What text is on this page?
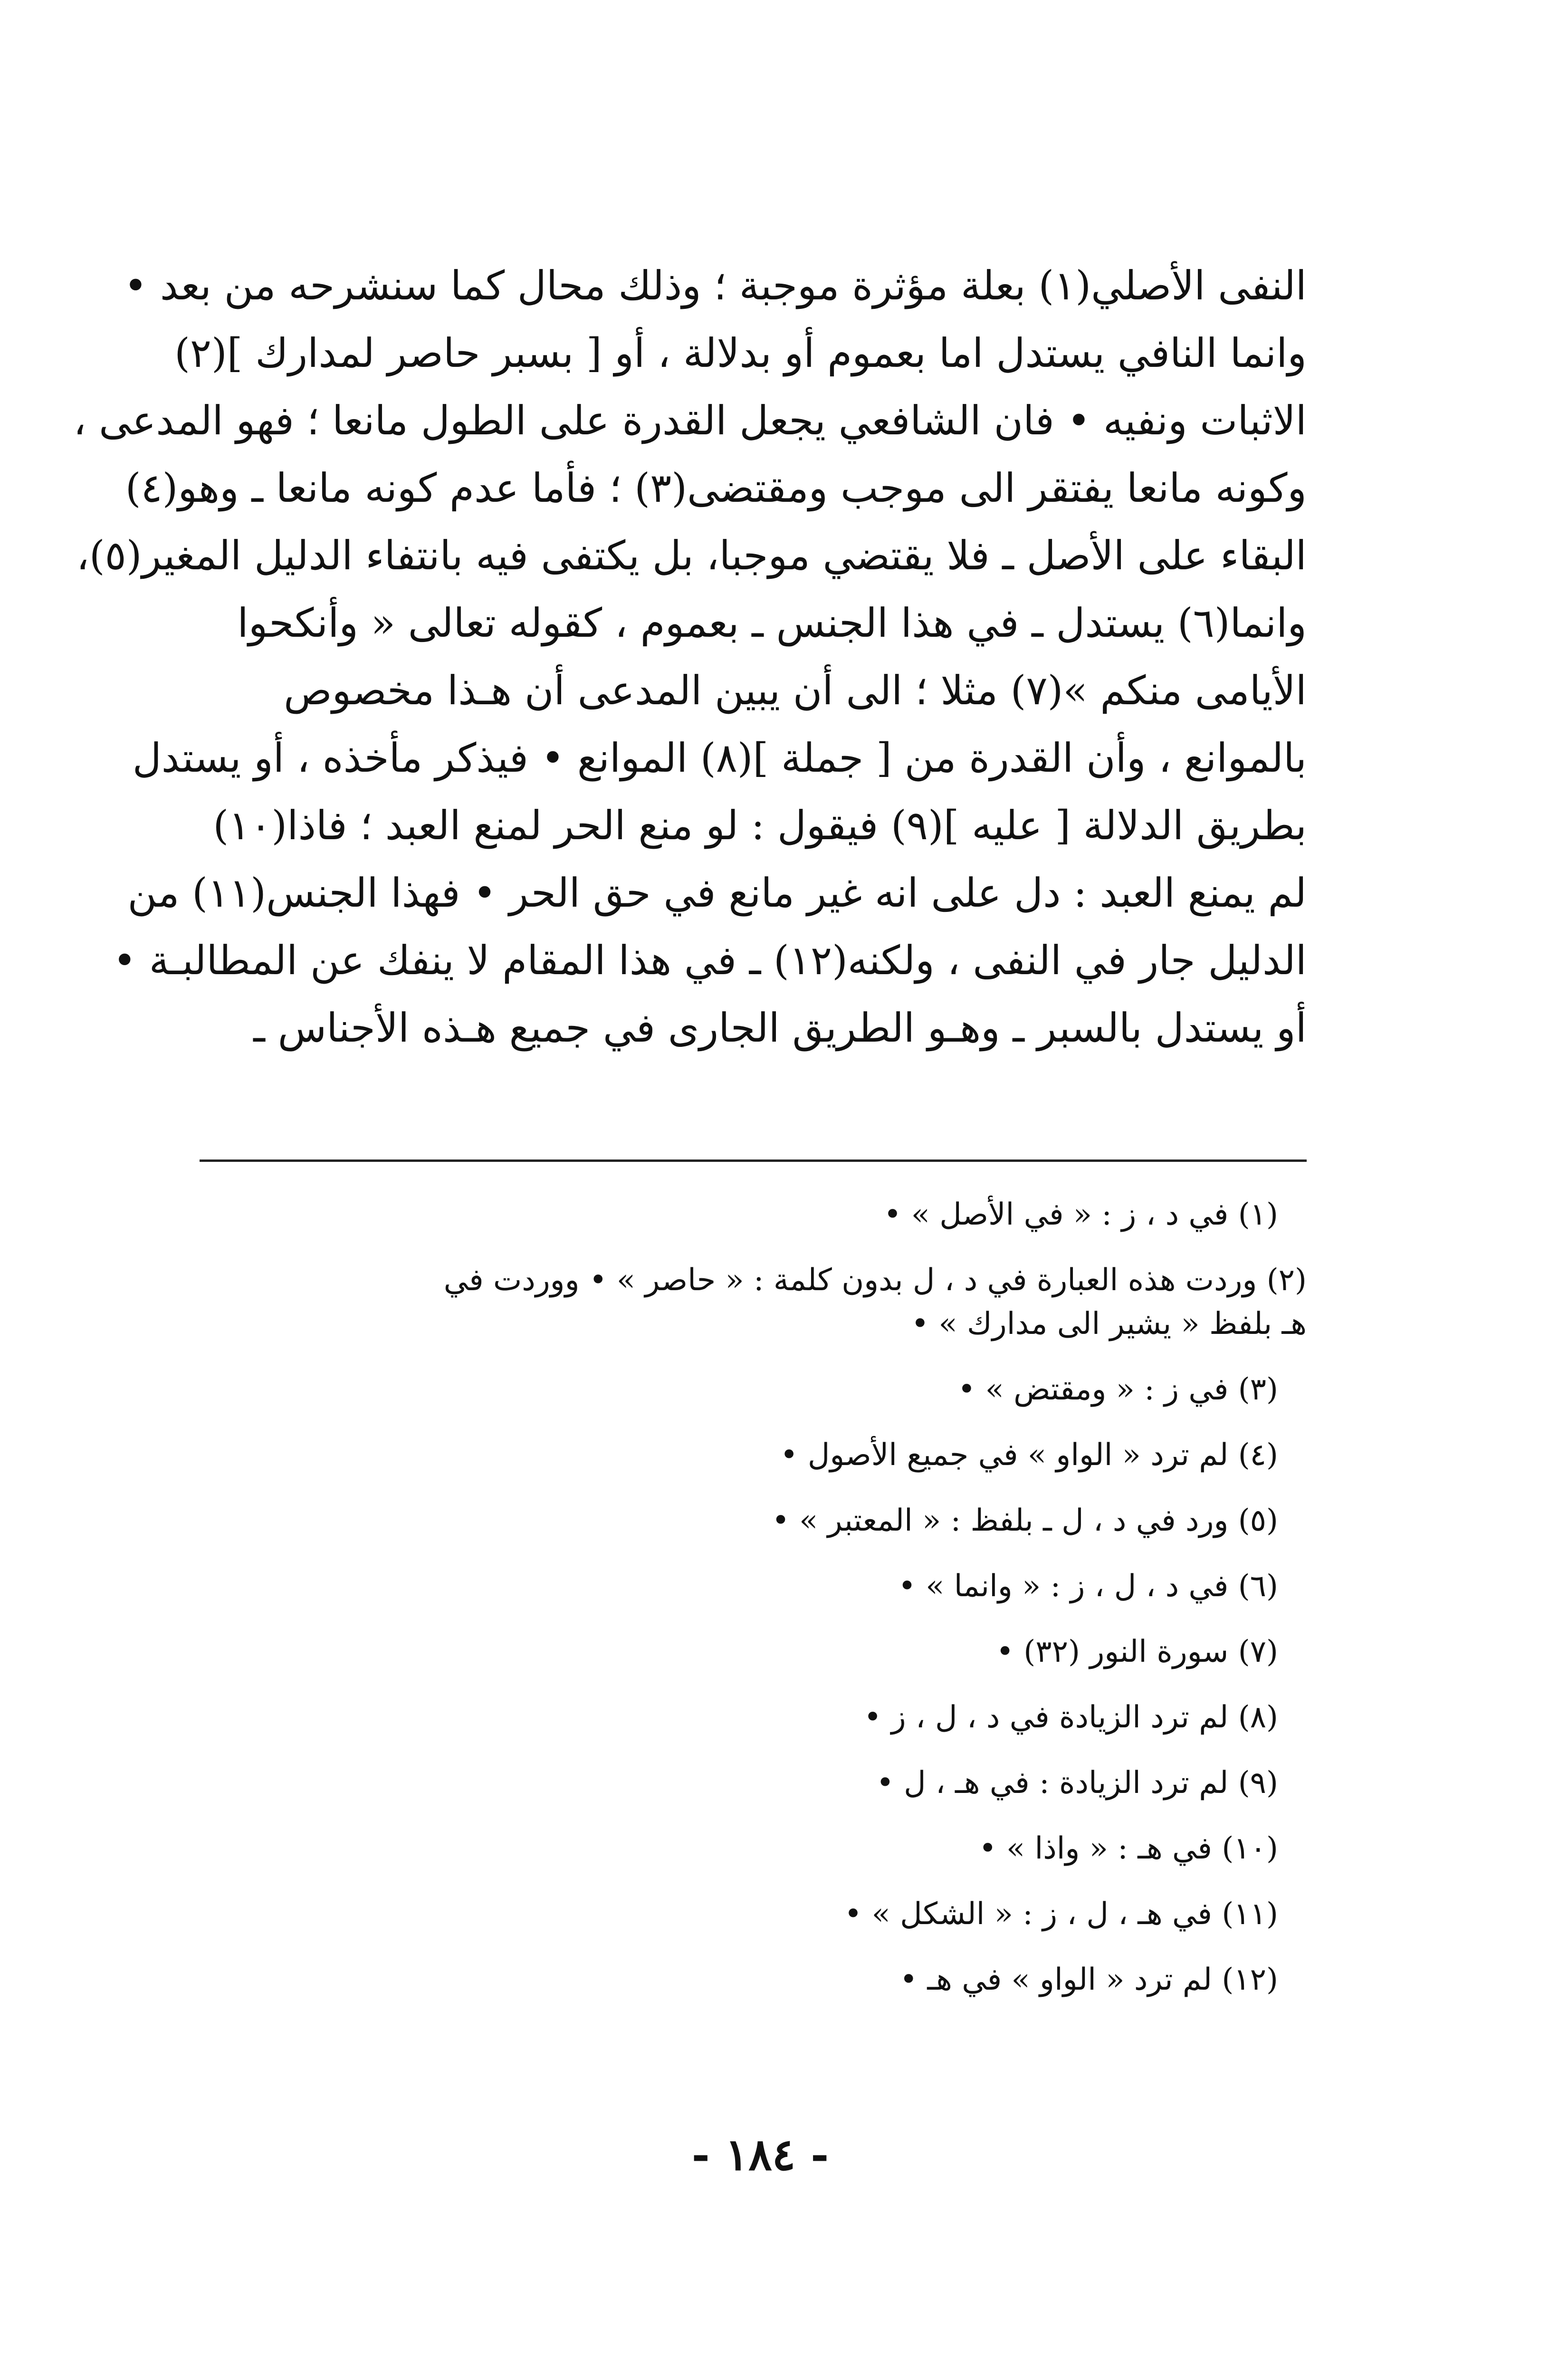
النفى الأصلي(١) بعلة مؤثرة موجبة ؛ وذلك محال كما سنشرحه من بعد •
وانما النافي يستدل اما بعموم أو بدلالة ، أو [ بسبر حاصر لمدارك ](٢)
الاثبات ونفيه • فان الشافعي يجعل القدرة على الطول مانعا ؛ فهو المدعى ،
وكونه مانعا يفتقر الى موجب ومقتضى(٣) ؛ فأما عدم كونه مانعا ـ وهو(٤)
البقاء على الأصل ـ فلا يقتضي موجبا، بل يكتفى فيه بانتفاء الدليل المغير(٥)،
وانما(٦) يستدل ـ في هذا الجنس ـ بعموم ، كقوله تعالى « وأنكحوا
الأيامى منكم »(٧) مثلا ؛ الى أن يبين المدعى أن هـذا مخصوص
بالموانع ، وأن القدرة من [ جملة ](٨) الموانع • فيذكر مأخذه ، أو يستدل
بطريق الدلالة [ عليه ](٩) فيقول : لو منع الحر لمنع العبد ؛ فاذا(١٠)
لم يمنع العبد : دل على انه غير مانع في حق الحر • فهذا الجنس(١١) من
الدليل جار في النفى ، ولكنه(١٢) ـ في هذا المقام لا ينفك عن المطالبـة •
أو يستدل بالسبر ـ وهـو الطريق الجارى في جميع هـذه الأجناس ـ
(١) في د ، ز : « في الأصل » •
(٢) وردت هذه العبارة في د ، ل بدون كلمة : « حاصر » • ووردت في
هـ بلفظ « يشير الى مدارك » •
(٣) في ز : « ومقتض » •
(٤) لم ترد « الواو » في جميع الأصول •
(٥) ورد في د ، ل ـ بلفظ : « المعتبر » •
(٦) في د ، ل ، ز : « وانما » •
(٧) سورة النور (٣٢) •
(٨) لم ترد الزيادة في د ، ل ، ز •
(٩) لم ترد الزيادة : في هـ ، ل •
(١٠) في هـ : « واذا » •
(١١) في هـ ، ل ، ز : « الشكل » •
(١٢) لم ترد « الواو » في هـ •
- ١٨٤ -
